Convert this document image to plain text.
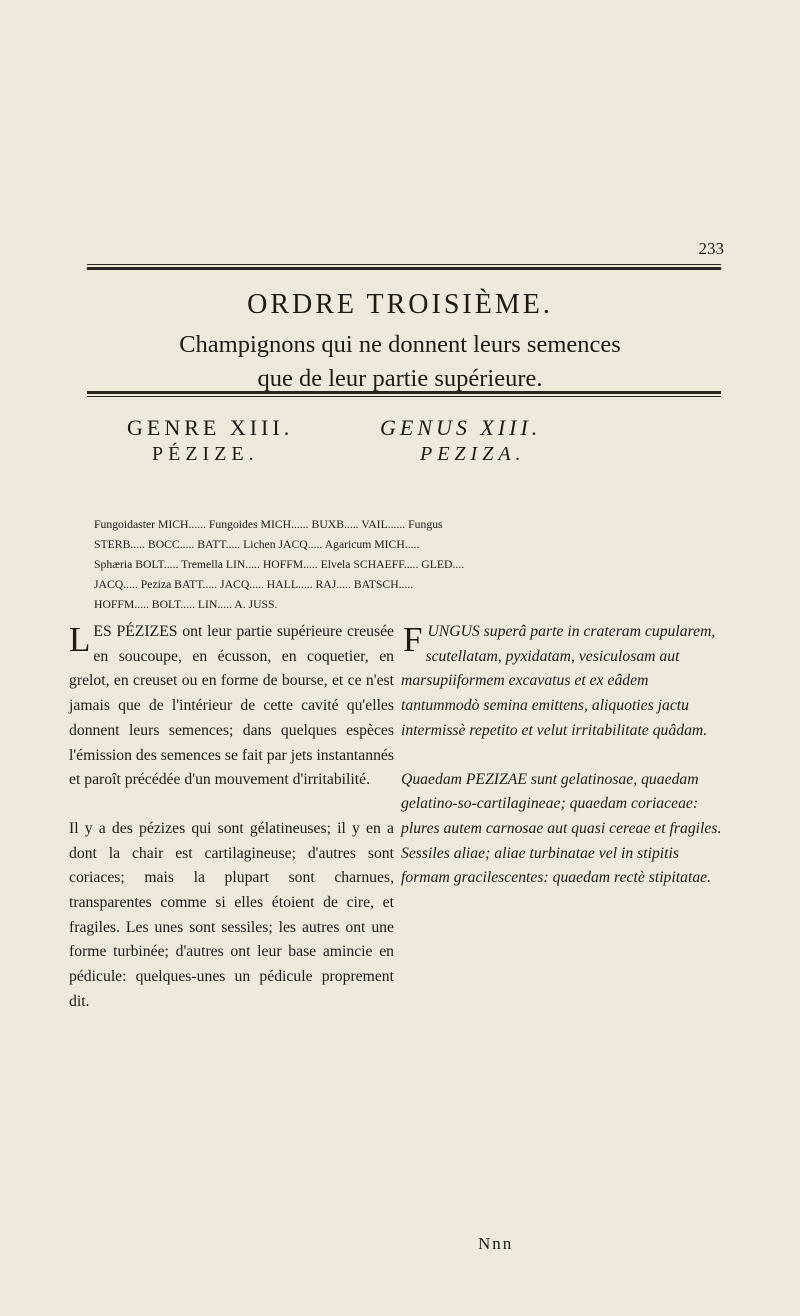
233
ORDRE TROISIÈME.
Champignons qui ne donnent leurs semences
que de leur partie supérieure.
GENRE XIII.
PÉZIZE.
GENUS XIII.
PEZIZA.
Fungoidaster MICH...... Fungoides MICH...... BUXB..... VAIL...... Fungus
STERB..... BOCC..... BATT..... Lichen JACQ..... Agaricum MICH.....
Sphæria BOLT..... Tremella LIN..... HOFFM..... Elvela SCHAEFF..... GLED....
JACQ..... Peziza BATT..... JACQ..... HALL..... RAJ..... BATSCH.....
HOFFM..... BOLT..... LIN..... A. JUSS.

LES PÉZIZES ont leur partie supérieure creusée en soucoupe, en écusson, en coquetier, en grelot, en creuset ou en forme de bourse, et ce n'est jamais que de l'intérieur de cette cavité qu'elles donnent leurs semences; dans quelques espèces l'émission des semences se fait par jets instantannés et paroît précédée d'un mouvement d'irritabilité.

Il y a des pézizes qui sont gélatineuses; il y en a dont la chair est cartilagineuse; d'autres sont coriaces; mais la plupart sont charnues, transparentes comme si elles étoient de cire, et fragiles. Les unes sont sessiles; les autres ont une forme turbinée; d'autres ont leur base amincie en pédicule: quelques-unes un pédicule proprement dit.

FUNGUS superâ parte in crateram cupularem, scutellatam, pyxidatam, vesiculosam aut marsupiiformem excavatus et ex eâdem tantummodò semina emittens, aliquoties jactu intermissè repetito et velut irritabilitate quâdam.

Quaedam PEZIZAE sunt gelatinosae, quaedam gelatino-so-cartilagineae; quaedam coriaceae: plures autem carnosae aut quasi cereae et fragiles. Sessiles aliae; aliae turbinatae vel in stipitis formam gracilescentes: quaedam rectè stipitatae.

Nnn
